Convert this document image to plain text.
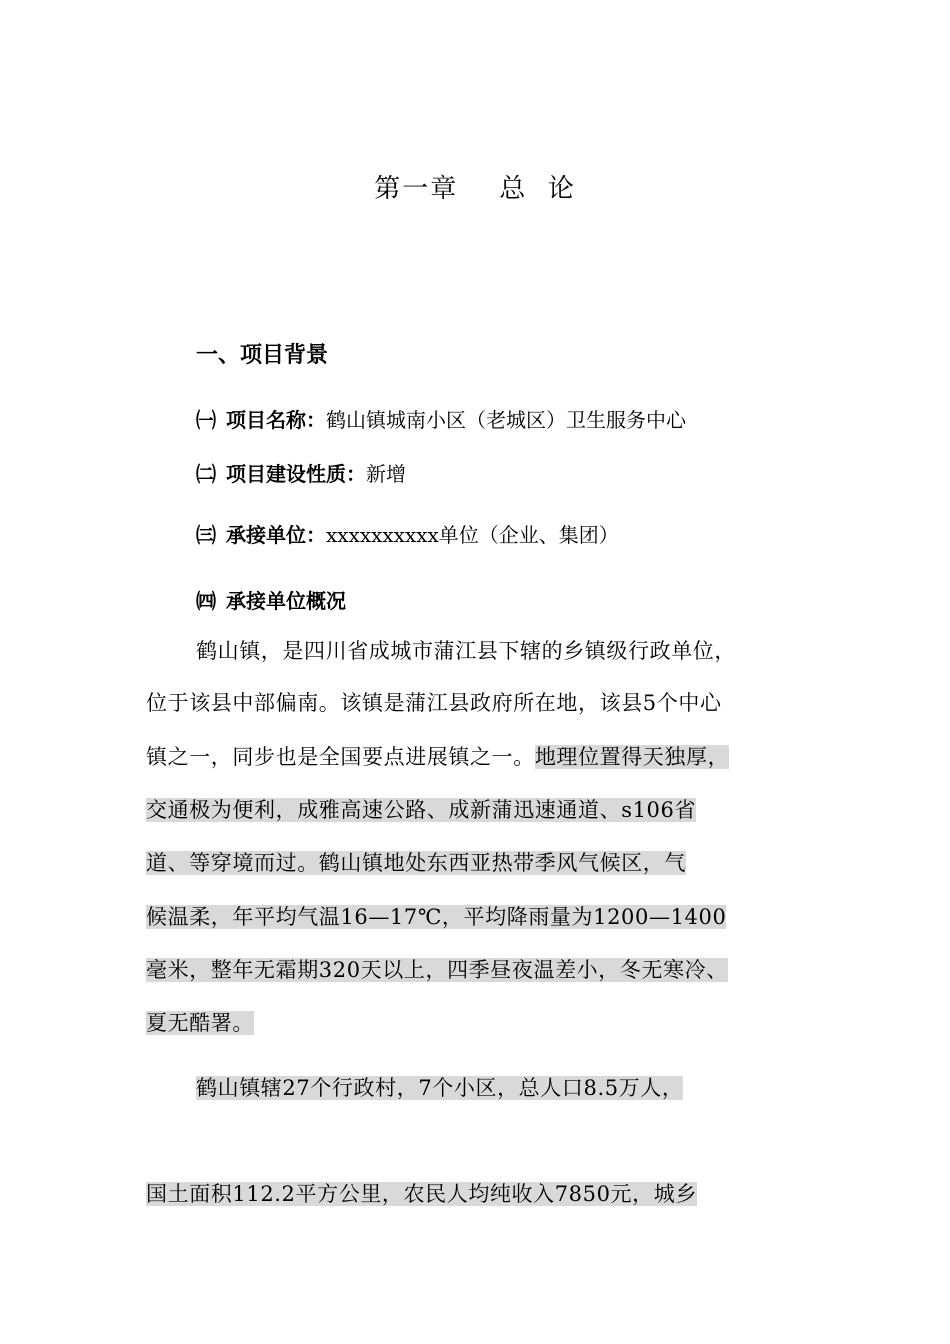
第一章    总  论
一、项目背景
㈠ 项目名称：鹤山镇城南小区（老城区）卫生服务中心
㈡ 项目建设性质：新增
㈢ 承接单位：xxxxxxxxxx单位（企业、集团）
㈣ 承接单位概况
鹤山镇，是四川省成城市蒲江县下辖的乡镇级行政单位，
位于该县中部偏南。该镇是蒲江县政府所在地，该县5个中心
镇之一，同步也是全国要点进展镇之一。地理位置得天独厚，
交通极为便利，成雅高速公路、成新蒲迅速通道、s106省
道、等穿境而过。鹤山镇地处东西亚热带季风气候区，气
候温柔，年平均气温16—17℃，平均降雨量为1200—1400
毫米，整年无霜期320天以上，四季昼夜温差小，冬无寒冷、
夏无酷署。
鹤山镇辖27个行政村，7个小区，总人口8.5万人，
国土面积112.2平方公里，农民人均纯收入7850元，城乡
